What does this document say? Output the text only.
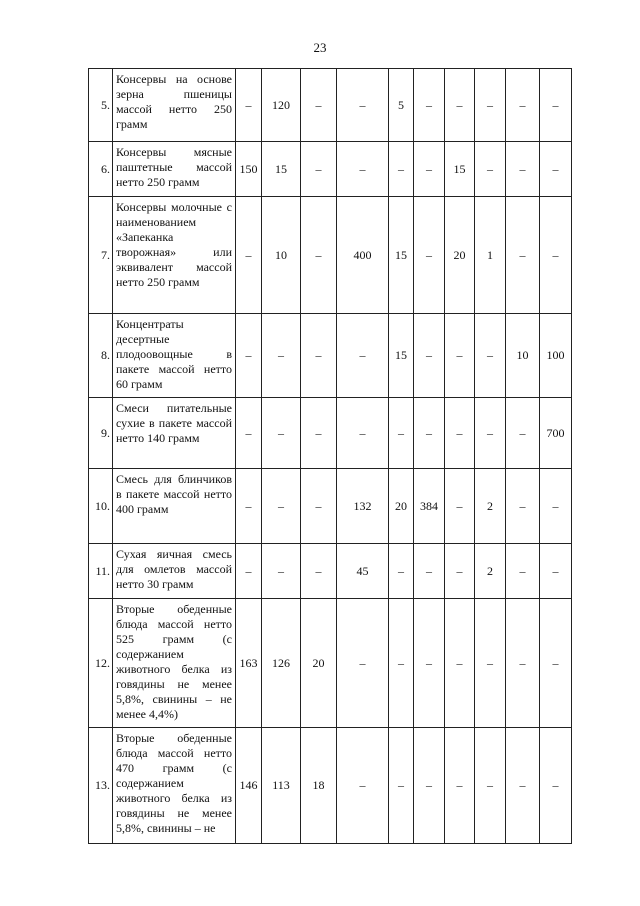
23
5.	Консервы на основе зерна пшеницы массой нетто 250 грамм	–	120	–	–	5	–	–	–	–	–
6.	Консервы мясные паштетные массой нетто 250 грамм	150	15	–	–	–	–	15	–	–	–
7.	Консервы молочные с наименованием «Запеканка творожная» или эквивалент массой нетто 250 грамм	–	10	–	400	15	–	20	1	–	–
8.	Концентраты десертные плодоовощные в пакете массой нетто 60 грамм	–	–	–	–	15	–	–	–	10	100
9.	Смеси питательные сухие в пакете массой нетто 140 грамм	–	–	–	–	–	–	–	–	–	700
10.	Смесь для блинчиков в пакете массой нетто 400 грамм	–	–	–	132	20	384	–	2	–	–
11.	Сухая яичная смесь для омлетов массой нетто 30 грамм	–	–	–	45	–	–	–	2	–	–
12.	Вторые обеденные блюда массой нетто 525 грамм (с содержанием животного белка из говядины не менее 5,8%, свинины – не менее 4,4%)	163	126	20	–	–	–	–	–	–	–
13.	Вторые обеденные блюда массой нетто 470 грамм (с содержанием животного белка из говядины не менее 5,8%, свинины – не	146	113	18	–	–	–	–	–	–	–
